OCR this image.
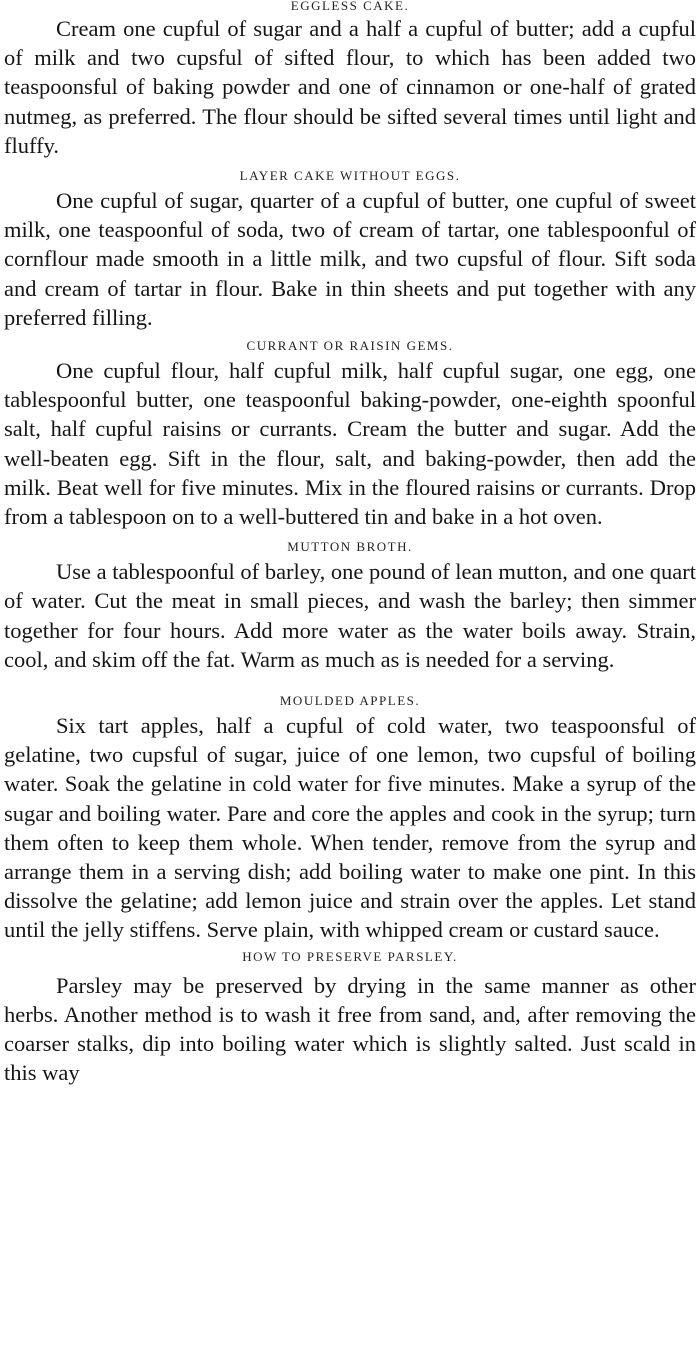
EGGLESS CAKE.

Cream one cupful of sugar and a half a cupful of butter; add a cupful of milk and two cupsful of sifted flour, to which has been added two teaspoonsful of baking powder and one of cinnamon or one-half of grated nutmeg, as preferred. The flour should be sifted several times until light and fluffy.

LAYER CAKE WITHOUT EGGS.

One cupful of sugar, quarter of a cupful of butter, one cupful of sweet milk, one teaspoonful of soda, two of cream of tartar, one tablespoonful of cornflour made smooth in a little milk, and two cupsful of flour. Sift soda and cream of tartar in flour. Bake in thin sheets and put together with any preferred filling.

CURRANT OR RAISIN GEMS.

One cupful flour, half cupful milk, half cupful sugar, one egg, one tablespoonful butter, one teaspoonful baking-powder, one-eighth spoonful salt, half cupful raisins or currants. Cream the butter and sugar. Add the well-beaten egg. Sift in the flour, salt, and baking-powder, then add the milk. Beat well for five minutes. Mix in the floured raisins or currants. Drop from a tablespoon on to a well-buttered tin and bake in a hot oven.

MUTTON BROTH.

Use a tablespoonful of barley, one pound of lean mutton, and one quart of water. Cut the meat in small pieces, and wash the barley; then simmer together for four hours. Add more water as the water boils away. Strain, cool, and skim off the fat. Warm as much as is needed for a serving.

MOULDED APPLES.

Six tart apples, half a cupful of cold water, two teaspoonsful of gelatine, two cupsful of sugar, juice of one lemon, two cupsful of boiling water. Soak the gelatine in cold water for five minutes. Make a syrup of the sugar and boiling water. Pare and core the apples and cook in the syrup; turn them often to keep them whole. When tender, remove from the syrup and arrange them in a serving dish; add boiling water to make one pint. In this dissolve the gelatine; add lemon juice and strain over the apples. Let stand until the jelly stiffens. Serve plain, with whipped cream or custard sauce.

HOW TO PRESERVE PARSLEY.

Parsley may be preserved by drying in the same manner as other herbs. Another method is to wash it free from sand, and, after removing the coarser stalks, dip into boiling water which is slightly salted. Just scald in this way
